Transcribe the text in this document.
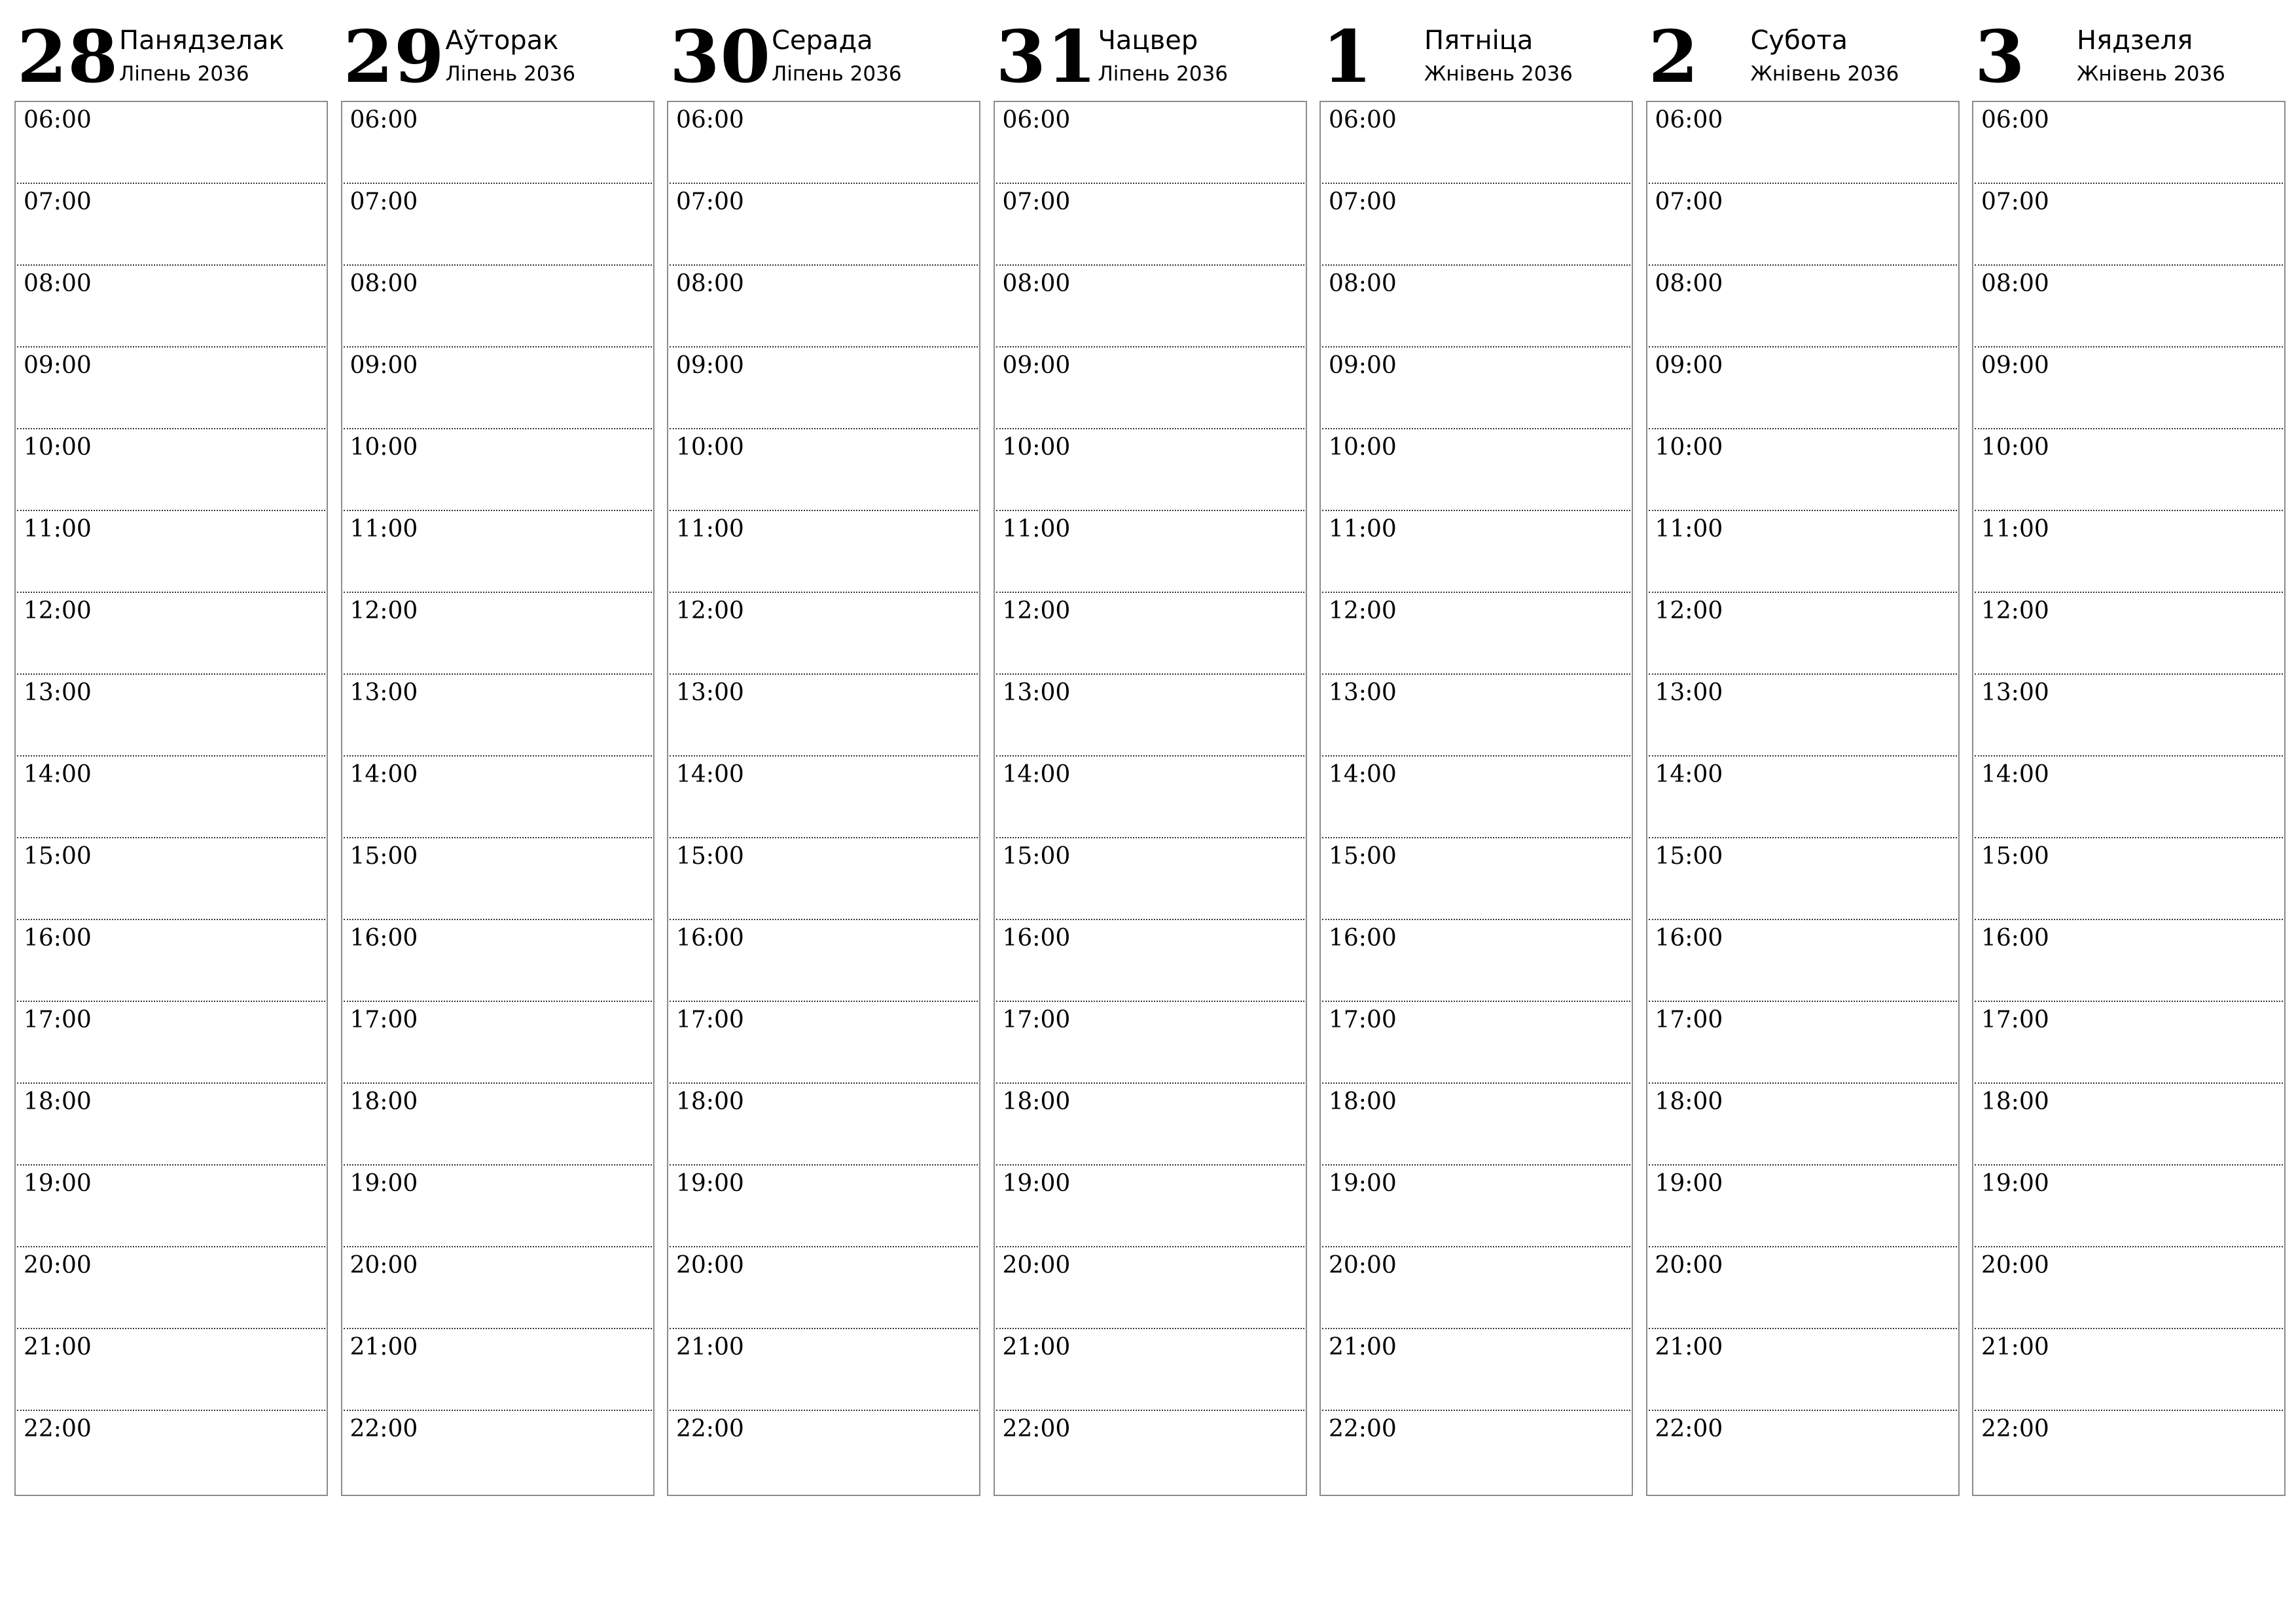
28 Панядзелак
Ліпень 2036
06:00
07:00
08:00
09:00
10:00
11:00
12:00
13:00
14:00
15:00
16:00
17:00
18:00
19:00
20:00
21:00
22:00
29 Аўторак
Ліпень 2036
06:00
07:00
08:00
09:00
10:00
11:00
12:00
13:00
14:00
15:00
16:00
17:00
18:00
19:00
20:00
21:00
22:00
30 Серада
Ліпень 2036
06:00
07:00
08:00
09:00
10:00
11:00
12:00
13:00
14:00
15:00
16:00
17:00
18:00
19:00
20:00
21:00
22:00
31 Чацвер
Ліпень 2036
06:00
07:00
08:00
09:00
10:00
11:00
12:00
13:00
14:00
15:00
16:00
17:00
18:00
19:00
20:00
21:00
22:00
1 Пятніца
Жнівень 2036
06:00
07:00
08:00
09:00
10:00
11:00
12:00
13:00
14:00
15:00
16:00
17:00
18:00
19:00
20:00
21:00
22:00
2 Субота
Жнівень 2036
06:00
07:00
08:00
09:00
10:00
11:00
12:00
13:00
14:00
15:00
16:00
17:00
18:00
19:00
20:00
21:00
22:00
3 Нядзеля
Жнівень 2036
06:00
07:00
08:00
09:00
10:00
11:00
12:00
13:00
14:00
15:00
16:00
17:00
18:00
19:00
20:00
21:00
22:00
